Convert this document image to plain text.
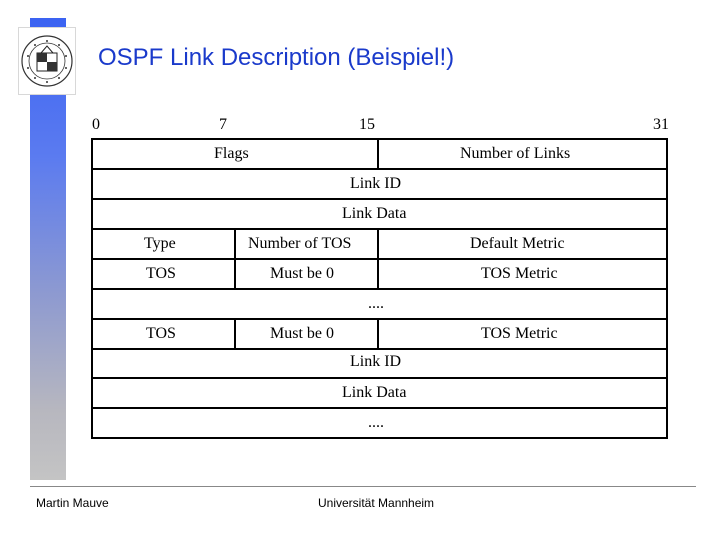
OSPF Link Description (Beispiel!)
0	7	15	31
Flags	Number of Links
Link ID
Link Data
Type	Number of TOS	Default Metric
TOS	Must be 0	TOS Metric
....
TOS	Must be 0	TOS Metric
Link ID
Link Data
....
Martin Mauve	Universität Mannheim
